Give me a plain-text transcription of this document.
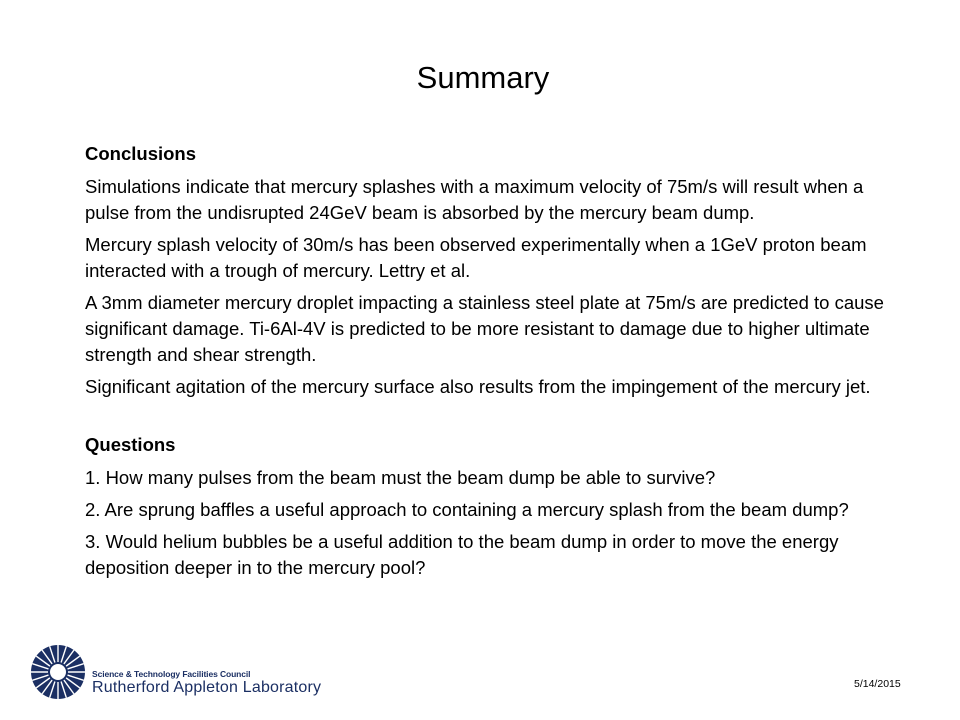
Summary

Conclusions

Simulations indicate that mercury splashes with a maximum velocity of 75m/s will result when a pulse from the undisrupted 24GeV beam is absorbed by the mercury beam dump.

Mercury splash velocity of 30m/s has been observed experimentally when a 1GeV proton beam interacted with a trough of mercury. Lettry et al.

A 3mm diameter mercury droplet impacting a stainless steel plate at 75m/s are predicted to cause significant damage. Ti-6Al-4V is predicted to be more resistant to damage due to higher ultimate strength and shear strength.

Significant agitation of the mercury surface also results from the impingement of the mercury jet.

Questions

1. How many pulses from the beam must the beam dump be able to survive?

2. Are sprung baffles a useful approach to containing a mercury splash from the beam dump?

3. Would helium bubbles be a useful addition to the beam dump in order to move the energy deposition deeper in to the mercury pool?

Science & Technology Facilities Council
Rutherford Appleton Laboratory	5/14/2015
